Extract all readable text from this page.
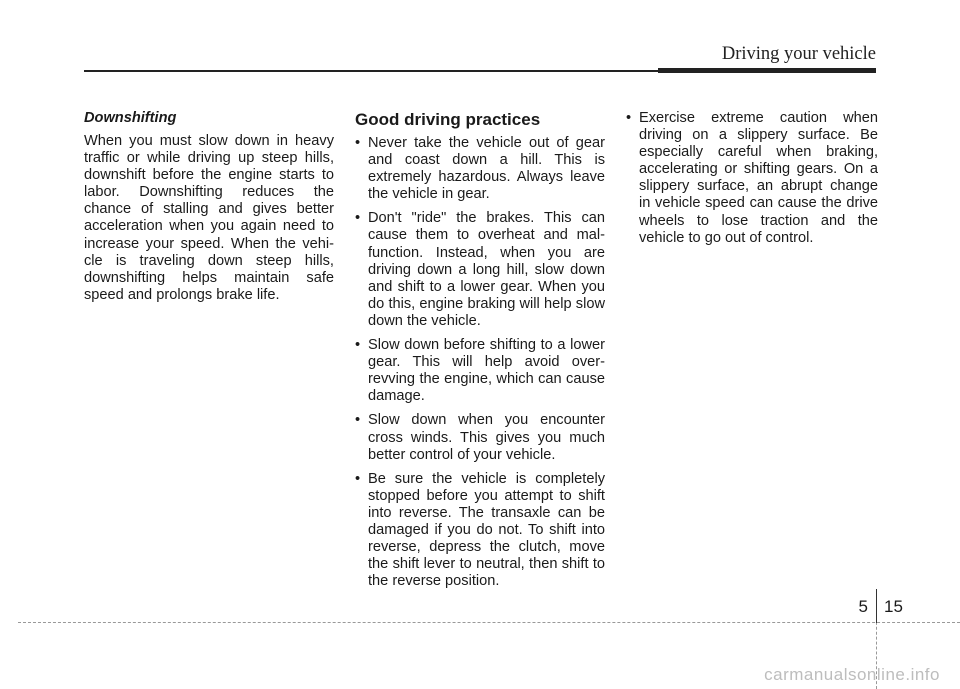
Driving your vehicle

Downshifting

When you must slow down in heavy traffic or while driving up steep hills, downshift before the engine starts to labor. Downshifting reduces the chance of stalling and gives better acceleration when you again need to increase your speed. When the vehi-cle is traveling down steep hills, downshifting helps maintain safe speed and prolongs brake life.

Good driving practices
• Never take the vehicle out of gear and coast down a hill. This is extremely hazardous. Always leave the vehicle in gear.
• Don't "ride" the brakes. This can cause them to overheat and mal-function. Instead, when you are driving down a long hill, slow down and shift to a lower gear. When you do this, engine braking will help slow down the vehicle.
• Slow down before shifting to a lower gear. This will help avoid over-revving the engine, which can cause damage.
• Slow down when you encounter cross winds. This gives you much better control of your vehicle.
• Be sure the vehicle is completely stopped before you attempt to shift into reverse. The transaxle can be damaged if you do not. To shift into reverse, depress the clutch, move the shift lever to neutral, then shift to the reverse position.
• Exercise extreme caution when driving on a slippery surface. Be especially careful when braking, accelerating or shifting gears. On a slippery surface, an abrupt change in vehicle speed can cause the drive wheels to lose traction and the vehicle to go out of control.
5 15
carmanualsonline.info
